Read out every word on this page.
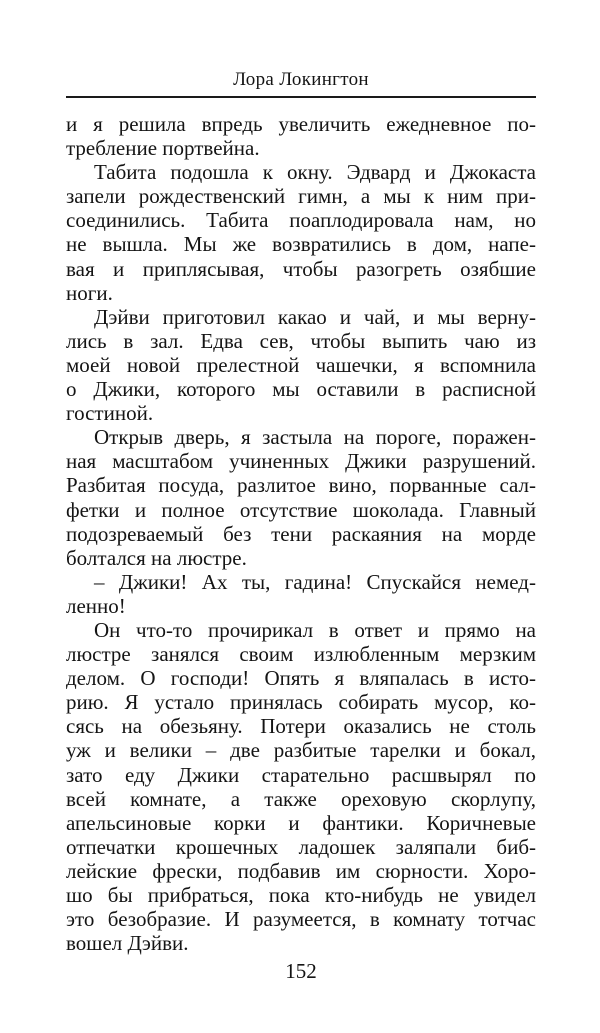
Лора Локингтон

и я решила впредь увеличить ежедневное по-
требление портвейна.

Табита подошла к окну. Эдвард и Джокаста
запели рождественский гимн, а мы к ним при-
соединились. Табита поаплодировала нам, но
не вышла. Мы же возвратились в дом, напе-
вая и приплясывая, чтобы разогреть озябшие
ноги.

Дэйви приготовил какао и чай, и мы верну-
лись в зал. Едва сев, чтобы выпить чаю из
моей новой прелестной чашечки, я вспомнила
о Джики, которого мы оставили в расписной
гостиной.

Открыв дверь, я застыла на пороге, поражен-
ная масштабом учиненных Джики разрушений.
Разбитая посуда, разлитое вино, порванные сал-
фетки и полное отсутствие шоколада. Главный
подозреваемый без тени раскаяния на морде
болтался на люстре.

– Джики! Ах ты, гадина! Спускайся немед-
ленно!

Он что-то прочирикал в ответ и прямо на
люстре занялся своим излюбленным мерзким
делом. О господи! Опять я вляпалась в исто-
рию. Я устало принялась собирать мусор, ко-
сясь на обезьяну. Потери оказались не столь
уж и велики – две разбитые тарелки и бокал,
зато еду Джики старательно расшвырял по
всей комнате, а также ореховую скорлупу,
апельсиновые корки и фантики. Коричневые
отпечатки крошечных ладошек заляпали биб-
лейские фрески, подбавив им сюрности. Хоро-
шо бы прибраться, пока кто-нибудь не увидел
это безобразие. И разумеется, в комнату тотчас
вошел Дэйви.

152
